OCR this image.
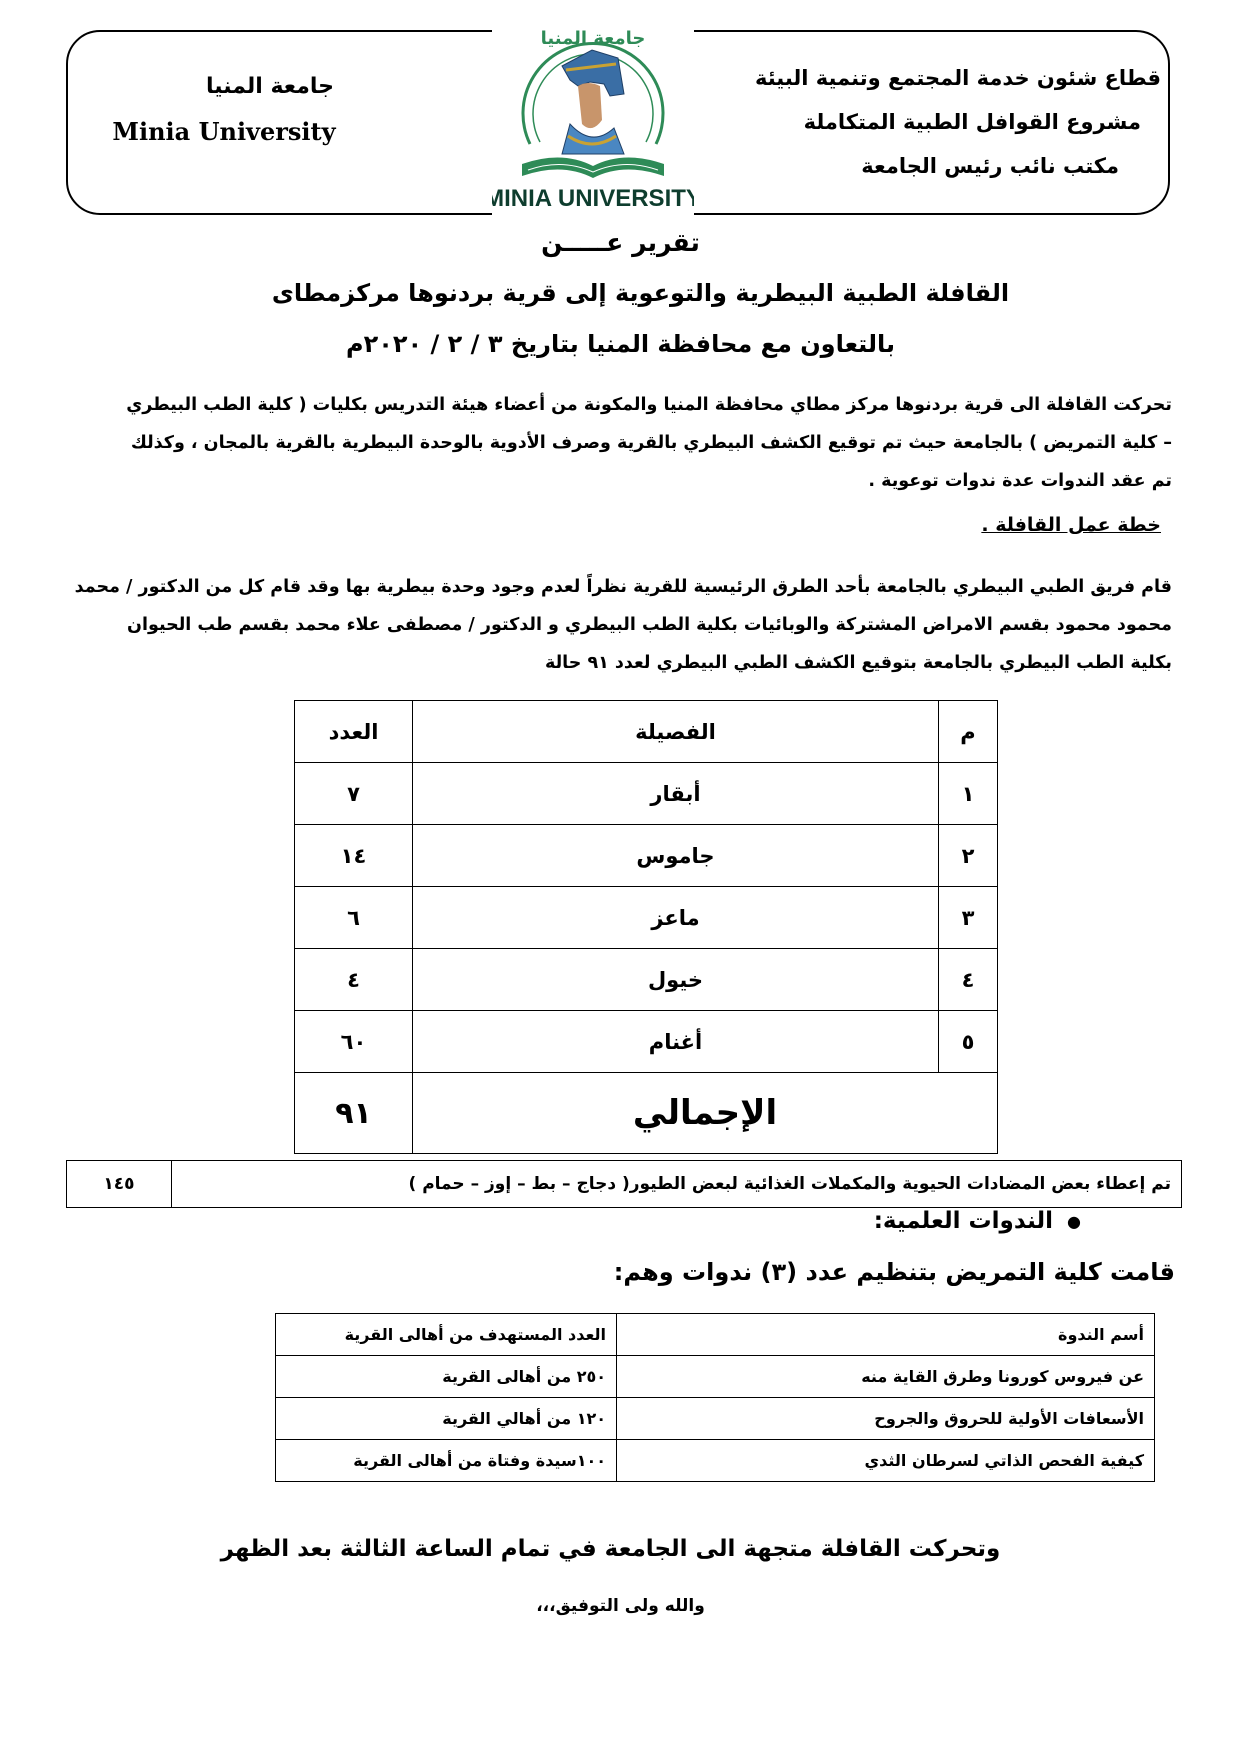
قطاع شئون خدمة المجتمع وتنمية البيئة
مشروع القوافل الطبية المتكاملة
مكتب نائب رئيس الجامعة
جامعة المنيا
Minia University
جامعة المنيا
MINIA UNIVERSITY
تقرير عـــــن
القافلة الطبية البيطرية والتوعوية إلى قرية بردنوها مركزمطاى
بالتعاون مع محافظة المنيا بتاريخ ٣ / ٢ / ٢٠٢٠م
تحركت القافلة الى قرية بردنوها مركز مطاي محافظة المنيا والمكونة من أعضاء هيئة التدريس بكليات ( كلية الطب البيطري
– كلية التمريض ) بالجامعة حيث تم توقيع الكشف البيطري بالقرية وصرف الأدوية بالوحدة البيطرية بالقرية بالمجان ، وكذلك
تم عقد الندوات عدة ندوات توعوية .
خطة عمل القافلة .
قام فريق الطبي البيطري بالجامعة بأحد الطرق الرئيسية للقرية نظراً لعدم وجود وحدة بيطرية بها وقد قام كل من الدكتور / محمد
محمود محمود بقسم الامراض المشتركة والوبائيات بكلية الطب البيطري و الدكتور / مصطفى علاء محمد بقسم طب الحيوان
بكلية الطب البيطري بالجامعة بتوقيع الكشف الطبي البيطري لعدد ٩١ حالة
م	الفصيلة	العدد
١	أبقار	٧
٢	جاموس	١٤
٣	ماعز	٦
٤	خيول	٤
٥	أغنام	٦٠
الإجمالي		٩١
تم إعطاء بعض المضادات الحيوية والمكملات الغذائية لبعض الطيور( دجاج – بط – إوز – حمام )	١٤٥
●الندوات العلمية:
قامت كلية التمريض بتنظيم عدد (٣) ندوات وهم:
أسم الندوة	العدد المستهدف من أهالى القرية
عن فيروس كورونا وطرق القاية منه	٢٥٠ من أهالى القرية
الأسعافات الأولية للحروق والجروح	١٢٠ من أهالي القرية
كيفية الفحص الذاتي لسرطان الثدي	١٠٠سيدة وفتاة من أهالى القرية
وتحركت القافلة متجهة الى الجامعة في تمام الساعة الثالثة بعد الظهر
والله ولى التوفيق،،،
